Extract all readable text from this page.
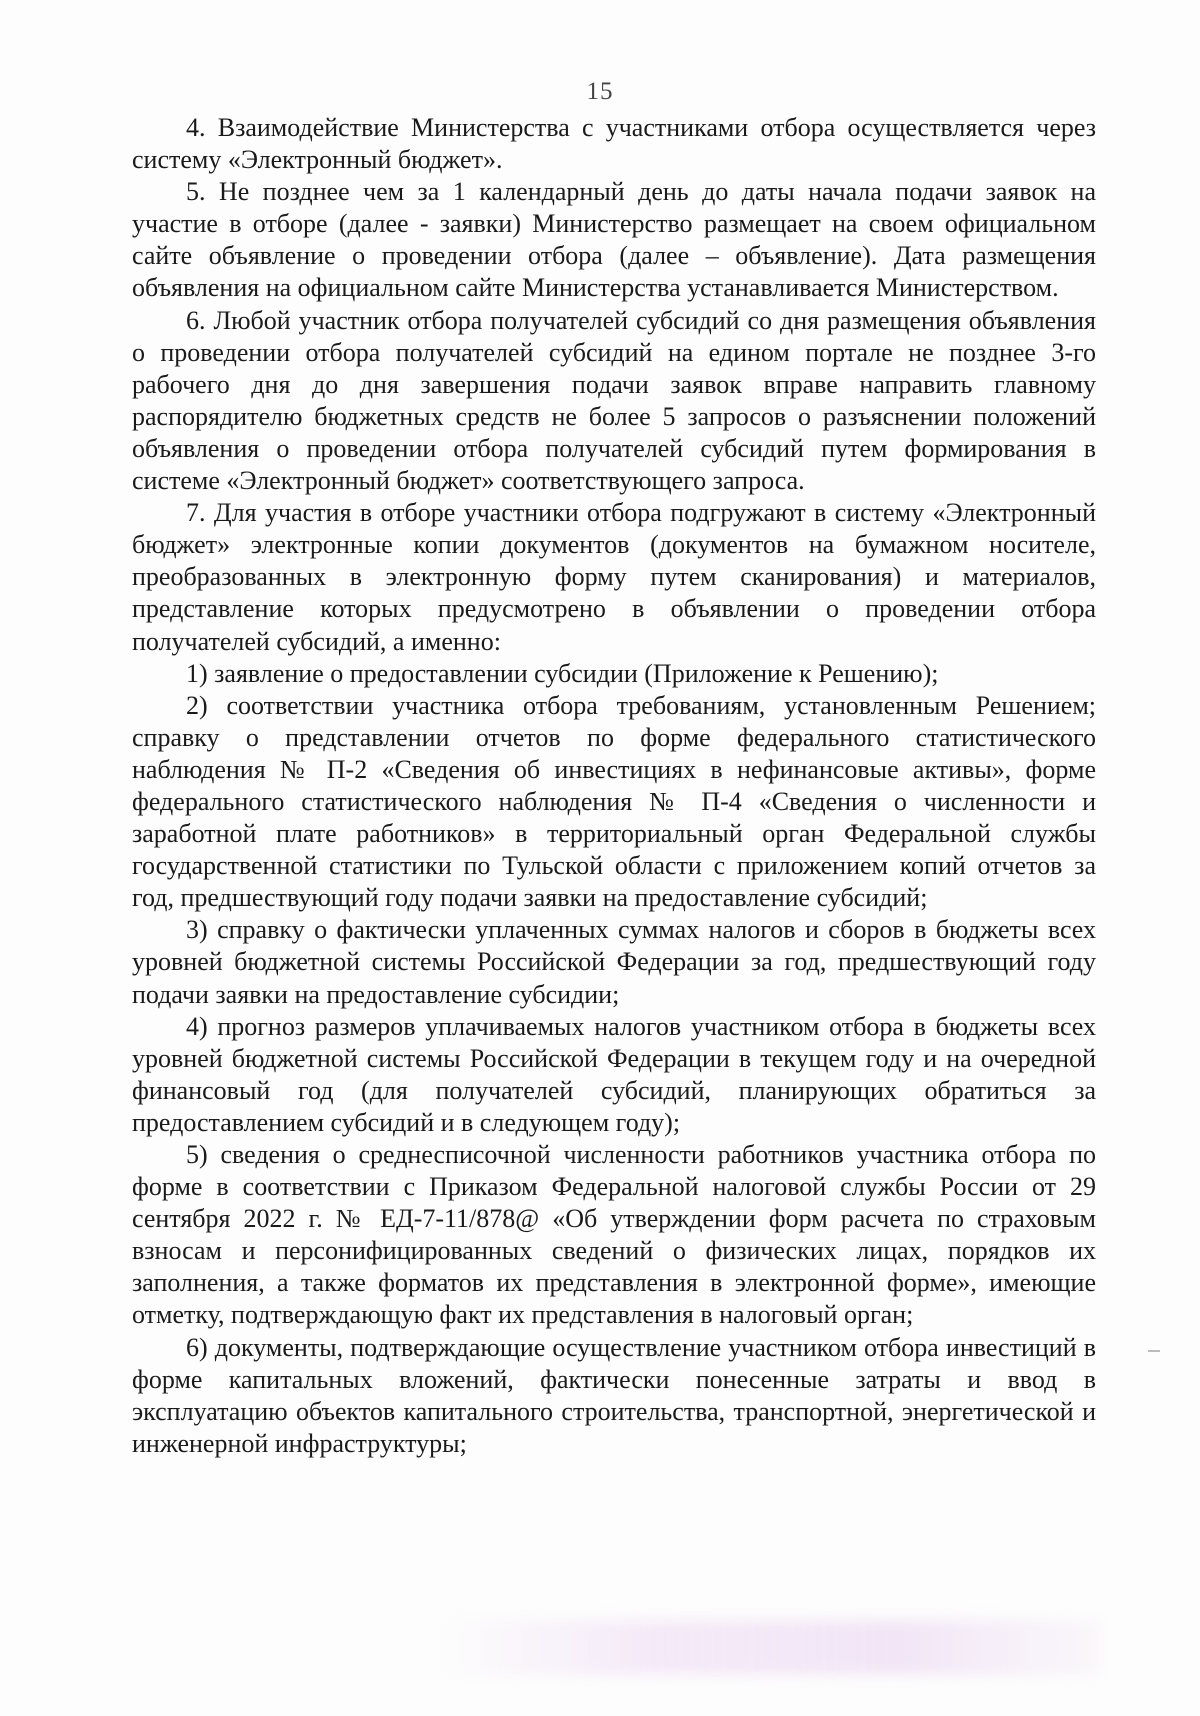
15

4. Взаимодействие Министерства с участниками отбора осуществляется через систему «Электронный бюджет».

5. Не позднее чем за 1 календарный день до даты начала подачи заявок на участие в отборе (далее - заявки) Министерство размещает на своем официальном сайте объявление о проведении отбора (далее – объявление). Дата размещения объявления на официальном сайте Министерства устанавливается Министерством.

6. Любой участник отбора получателей субсидий со дня размещения объявления о проведении отбора получателей субсидий на едином портале не позднее 3-го рабочего дня до дня завершения подачи заявок вправе направить главному распорядителю бюджетных средств не более 5 запросов о разъяснении положений объявления о проведении отбора получателей субсидий путем формирования в системе «Электронный бюджет» соответствующего запроса.

7. Для участия в отборе участники отбора подгружают в систему «Электронный бюджет» электронные копии документов (документов на бумажном носителе, преобразованных в электронную форму путем сканирования) и материалов, представление которых предусмотрено в объявлении о проведении отбора получателей субсидий, а именно:

1) заявление о предоставлении субсидии (Приложение к Решению);

2) соответствии участника отбора требованиям, установленным Решением; справку о представлении отчетов по форме федерального статистического наблюдения № П-2 «Сведения об инвестициях в нефинансовые активы», форме федерального статистического наблюдения № П-4 «Сведения о численности и заработной плате работников» в территориальный орган Федеральной службы государственной статистики по Тульской области с приложением копий отчетов за год, предшествующий году подачи заявки на предоставление субсидий;

3) справку о фактически уплаченных суммах налогов и сборов в бюджеты всех уровней бюджетной системы Российской Федерации за год, предшествующий году подачи заявки на предоставление субсидии;

4) прогноз размеров уплачиваемых налогов участником отбора в бюджеты всех уровней бюджетной системы Российской Федерации в текущем году и на очередной финансовый год (для получателей субсидий, планирующих обратиться за предоставлением субсидий и в следующем году);

5) сведения о среднесписочной численности работников участника отбора по форме в соответствии с Приказом Федеральной налоговой службы России от 29 сентября 2022 г. № ЕД-7-11/878@ «Об утверждении форм расчета по страховым взносам и персонифицированных сведений о физических лицах, порядков их заполнения, а также форматов их представления в электронной форме», имеющие отметку, подтверждающую факт их представления в налоговый орган;

6) документы, подтверждающие осуществление участником отбора инвестиций в форме капитальных вложений, фактически понесенные затраты и ввод в эксплуатацию объектов капитального строительства, транспортной, энергетической и инженерной инфраструктуры;
